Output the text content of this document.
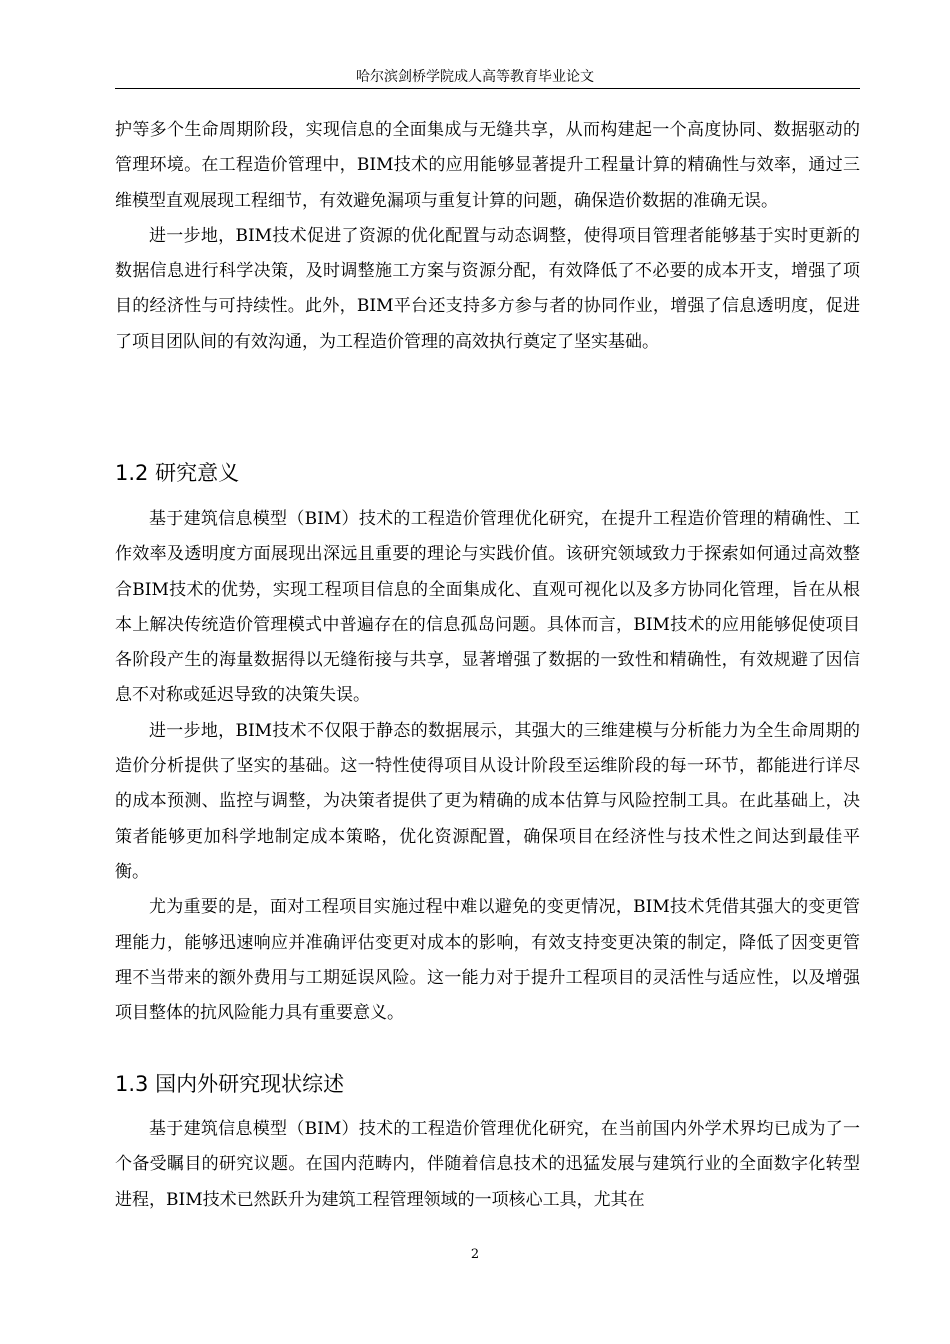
哈尔滨剑桥学院成人高等教育毕业论文

护等多个生命周期阶段，实现信息的全面集成与无缝共享，从而构建起一个高度协同、数据驱动的管理环境。在工程造价管理中，BIM技术的应用能够显著提升工程量计算的精确性与效率，通过三维模型直观展现工程细节，有效避免漏项与重复计算的问题，确保造价数据的准确无误。

进一步地，BIM技术促进了资源的优化配置与动态调整，使得项目管理者能够基于实时更新的数据信息进行科学决策，及时调整施工方案与资源分配，有效降低了不必要的成本开支，增强了项目的经济性与可持续性。此外，BIM平台还支持多方参与者的协同作业，增强了信息透明度，促进了项目团队间的有效沟通，为工程造价管理的高效执行奠定了坚实基础。

1.2 研究意义

基于建筑信息模型（BIM）技术的工程造价管理优化研究，在提升工程造价管理的精确性、工作效率及透明度方面展现出深远且重要的理论与实践价值。该研究领域致力于探索如何通过高效整合BIM技术的优势，实现工程项目信息的全面集成化、直观可视化以及多方协同化管理，旨在从根本上解决传统造价管理模式中普遍存在的信息孤岛问题。具体而言，BIM技术的应用能够促使项目各阶段产生的海量数据得以无缝衔接与共享，显著增强了数据的一致性和精确性，有效规避了因信息不对称或延迟导致的决策失误。

进一步地，BIM技术不仅限于静态的数据展示，其强大的三维建模与分析能力为全生命周期的造价分析提供了坚实的基础。这一特性使得项目从设计阶段至运维阶段的每一环节，都能进行详尽的成本预测、监控与调整，为决策者提供了更为精确的成本估算与风险控制工具。在此基础上，决策者能够更加科学地制定成本策略，优化资源配置，确保项目在经济性与技术性之间达到最佳平衡。

尤为重要的是，面对工程项目实施过程中难以避免的变更情况，BIM技术凭借其强大的变更管理能力，能够迅速响应并准确评估变更对成本的影响，有效支持变更决策的制定，降低了因变更管理不当带来的额外费用与工期延误风险。这一能力对于提升工程项目的灵活性与适应性，以及增强项目整体的抗风险能力具有重要意义。

1.3 国内外研究现状综述

基于建筑信息模型（BIM）技术的工程造价管理优化研究，在当前国内外学术界均已成为了一个备受瞩目的研究议题。在国内范畴内，伴随着信息技术的迅猛发展与建筑行业的全面数字化转型进程，BIM技术已然跃升为建筑工程管理领域的一项核心工具，尤其在

2
